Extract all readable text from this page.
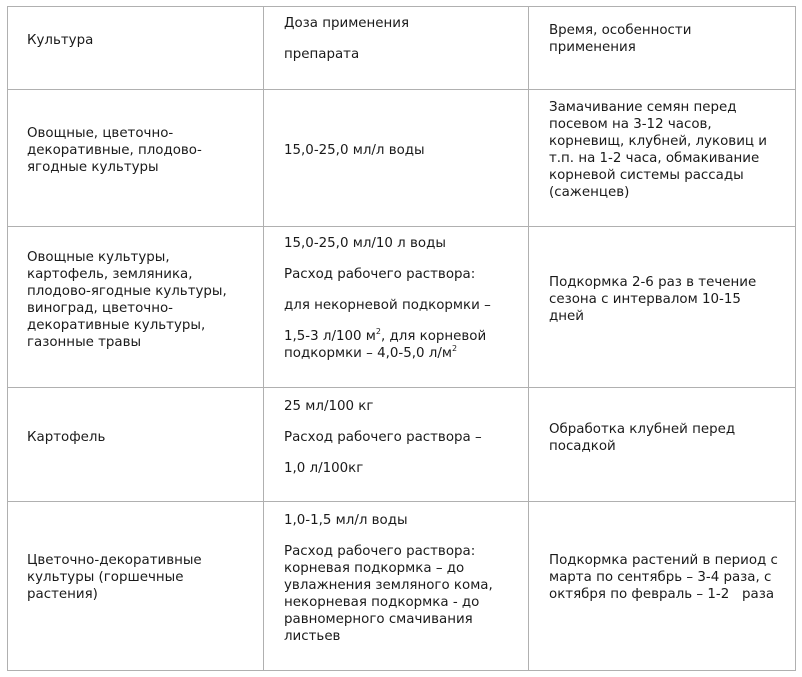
Культура
Доза применения
препарата
Время, особенности
применения
Овощные, цветочно-
декоративные, плодово-
ягодные культуры
15,0-25,0 мл/л воды
Замачивание семян перед
посевом на 3-12 часов,
корневищ, клубней, луковиц и
т.п. на 1-2 часа, обмакивание
корневой системы рассады
(саженцев)
Овощные культуры,
картофель, земляника,
плодово-ягодные культуры,
виноград, цветочно-
декоративные культуры,
газонные травы
15,0-25,0 мл/10 л воды
Расход рабочего раствора:
для некорневой подкормки –
1,5-3 л/100 $м^2$, для корневой
подкормки – 4,0-5,0 $л/м^2$
Подкормка 2-6 раз в течение
сезона с интервалом 10-15
дней
Картофель
25 мл/100 кг
Расход рабочего раствора –
1,0 л/100кг
Обработка клубней перед
посадкой
Цветочно-декоративные
культуры (горшечные
растения)
1,0-1,5 мл/л воды
Расход рабочего раствора:
корневая подкормка – до
увлажнения земляного кома,
некорневая подкормка - до
равномерного смачивания
листьев
Подкормка растений в период с
марта по сентябрь – 3-4 раза, с
октября по февраль – 1-2   раза
